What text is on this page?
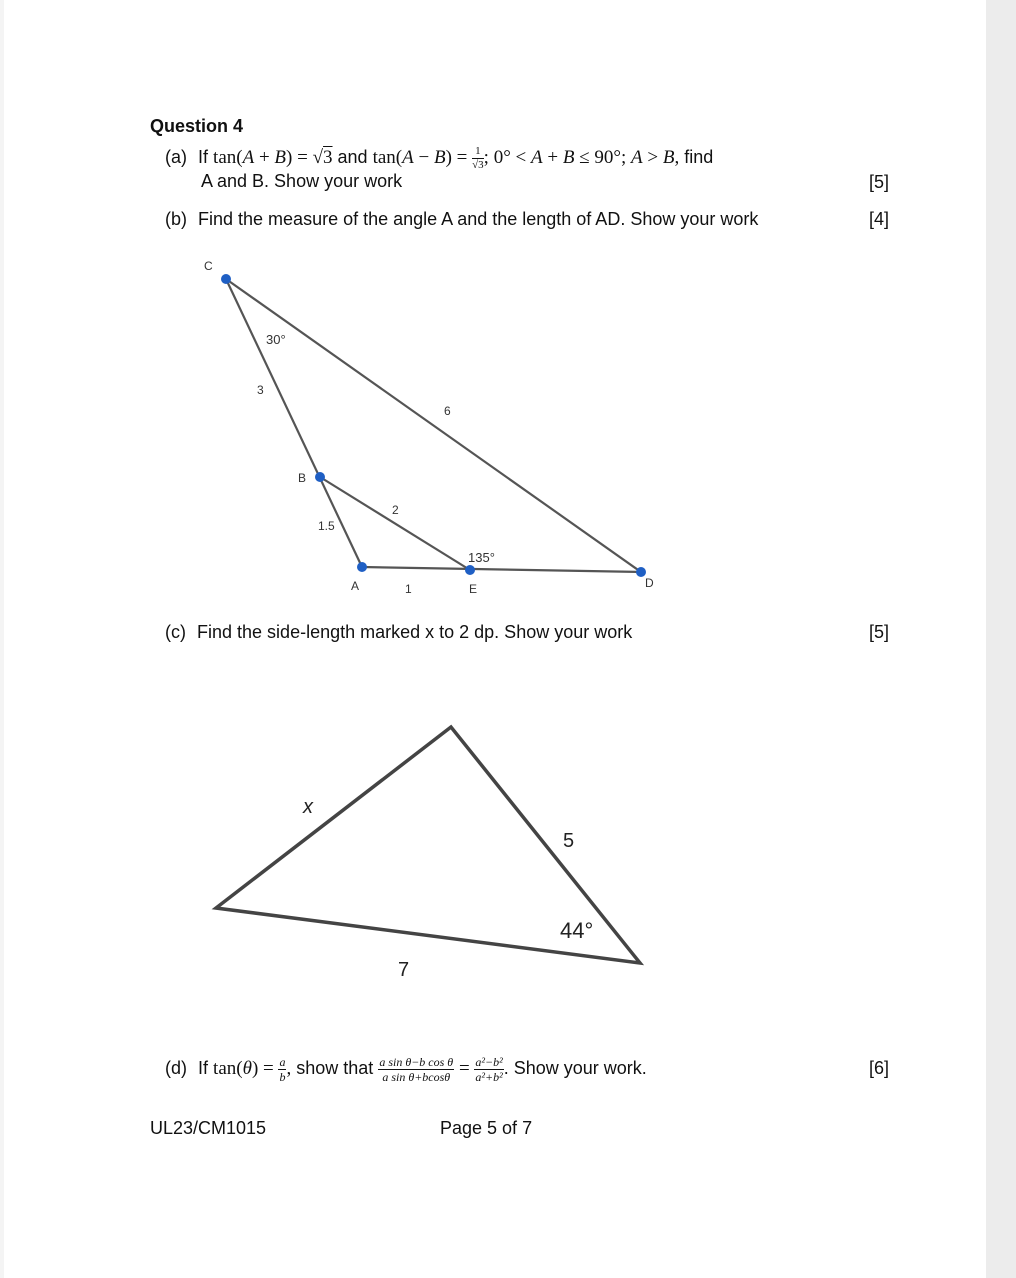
Question 4
(a) If tan(A + B) = √3 and $\tan(A - B) = \frac{1}{√3}$ ; 0° < A + B ≤ 90°; A > B, find
A and B. Show your work	[5]
(b) Find the measure of the angle A and the length of AD. Show your work	[4]
C
B
A	E	D
3
6
2
1.5
1
30°
135°
(c) Find the side-length marked x to 2 dp. Show your work	[5]
x
5
7
44°
(d) If $\tan(\theta) = \frac{a}{b}$ , show that $\frac{\text{a sin θ−b cos θ}}{\text{a sin θ+bcosθ}} = \frac{\text{a²−b²}}{\text{a²+b²}}$ . Show your work.	[6]
UL23/CM1015	Page 5 of 7
